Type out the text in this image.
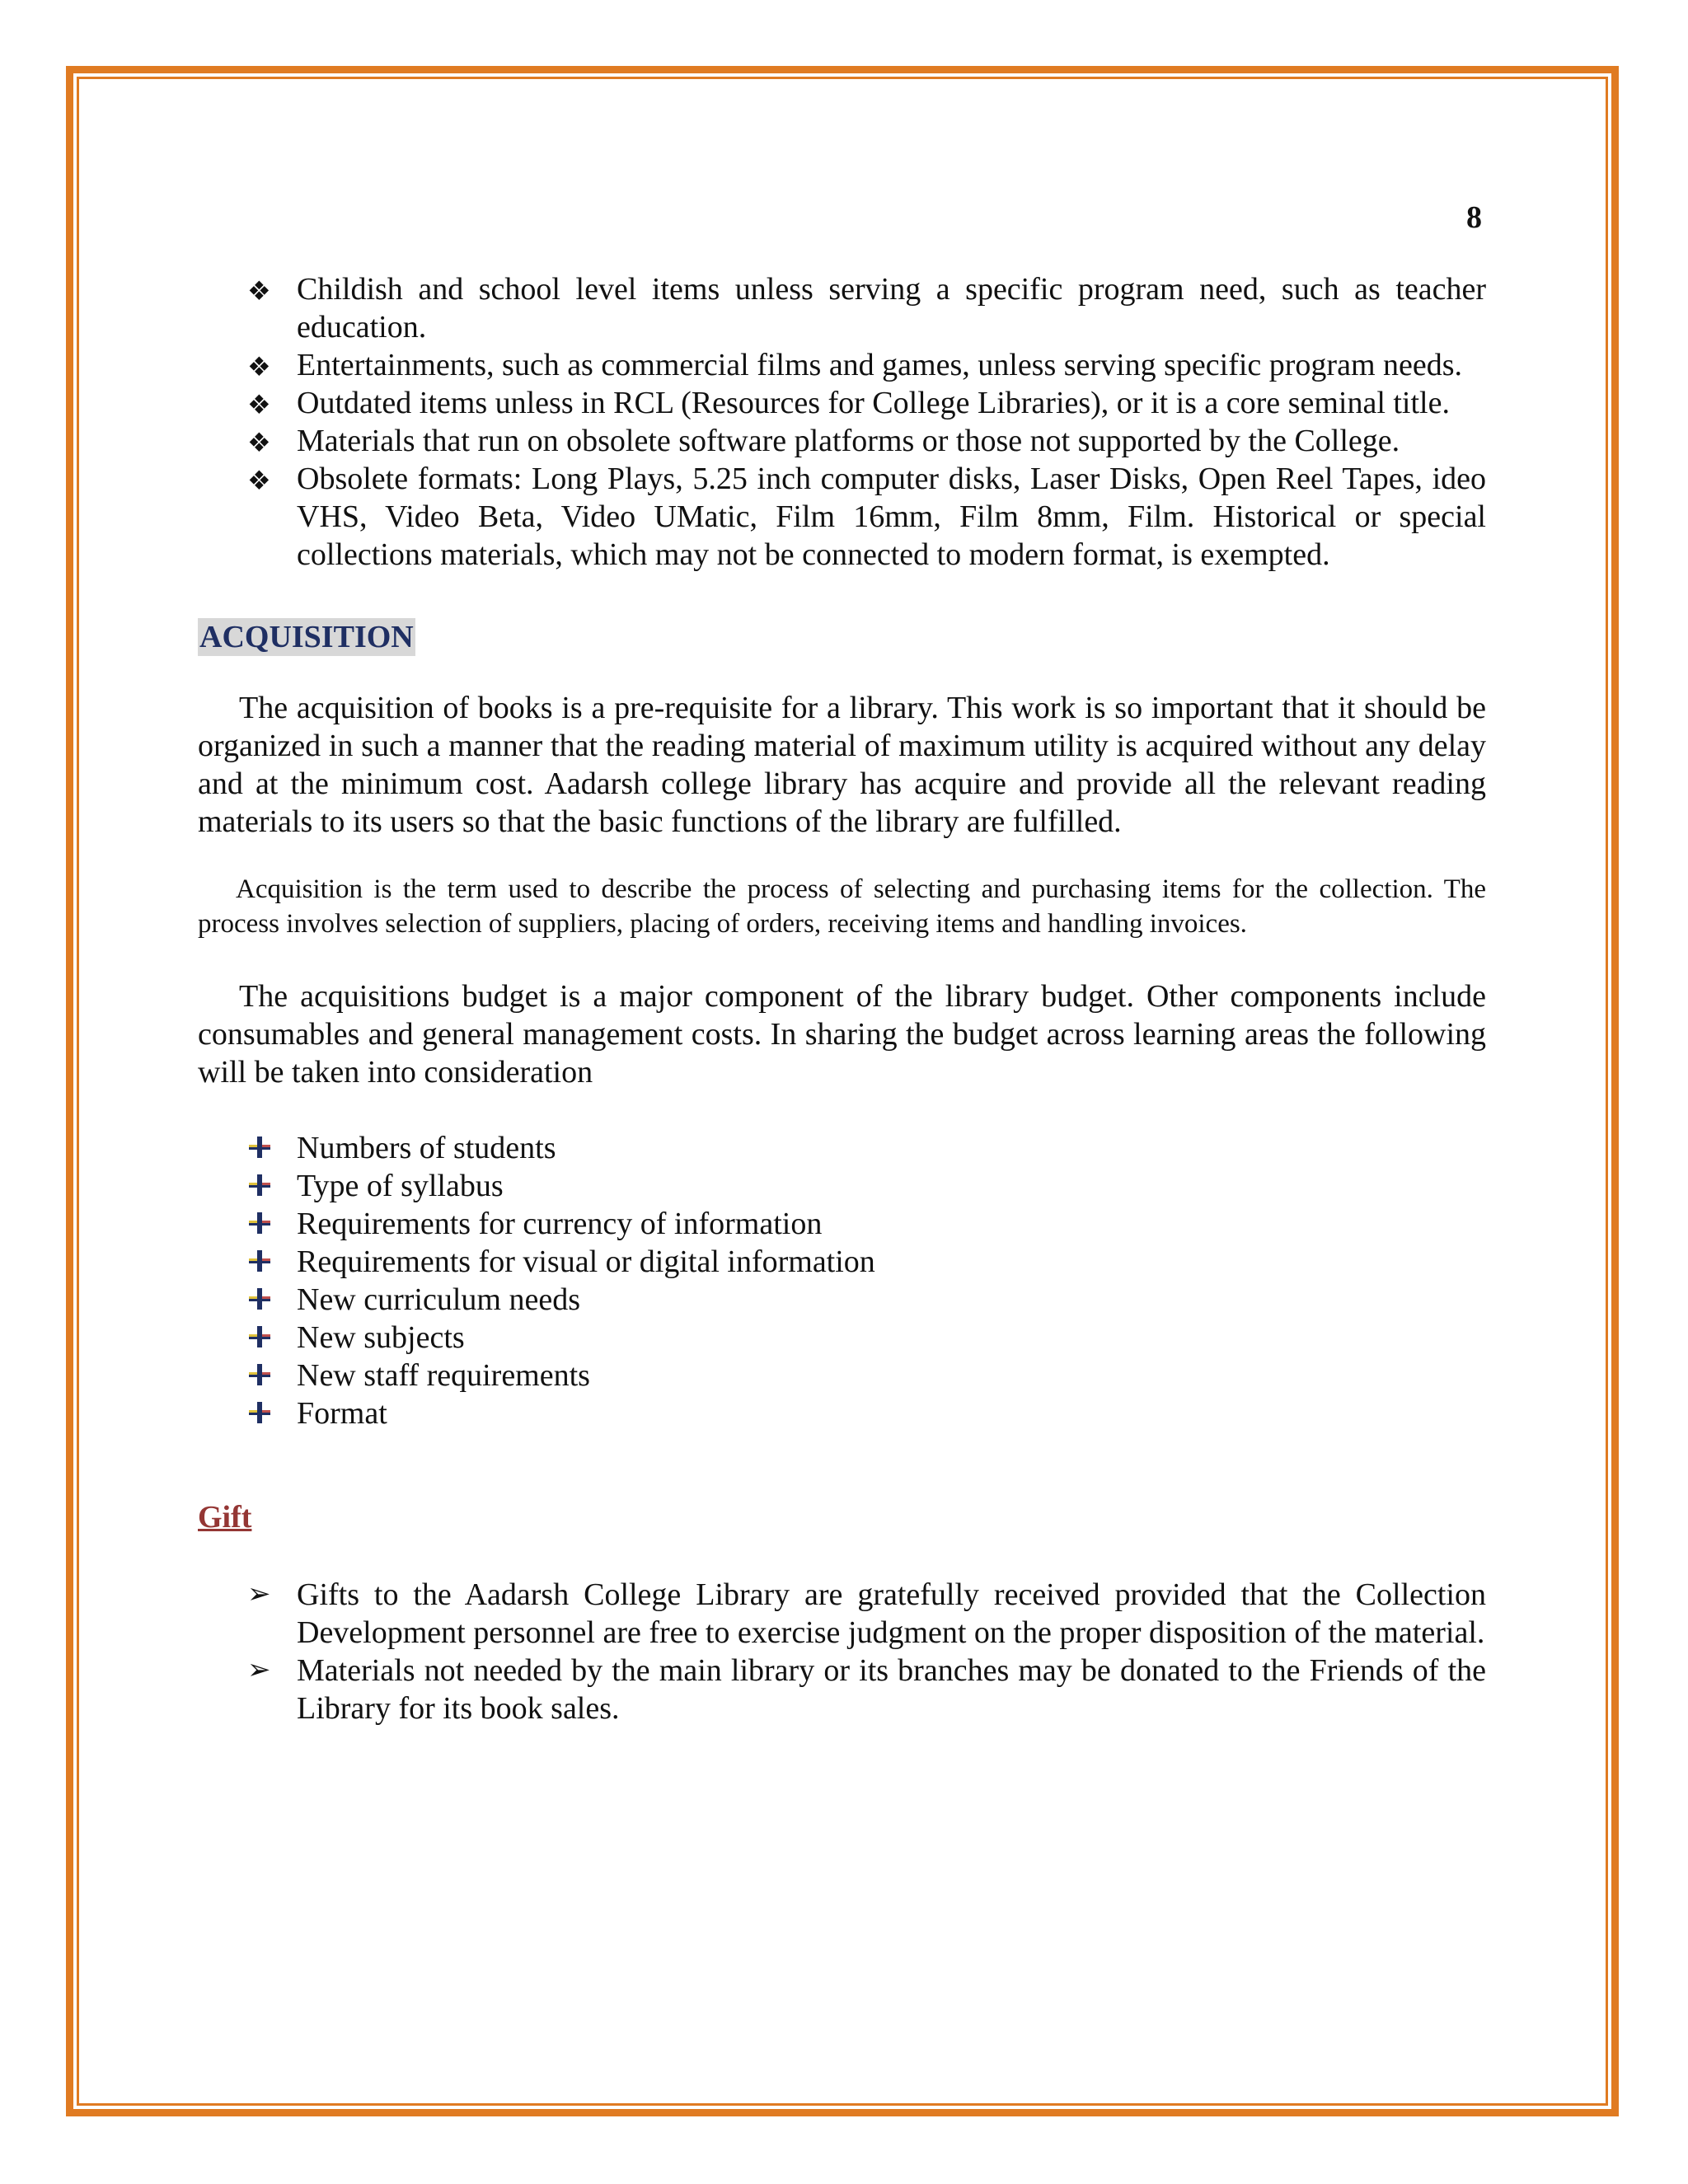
8
❖ Childish and school level items unless serving a specific program need, such as teacher education.
❖ Entertainments, such as commercial films and games, unless serving specific program needs.
❖ Outdated items unless in RCL (Resources for College Libraries), or it is a core seminal title.
❖ Materials that run on obsolete software platforms or those not supported by the College.
❖ Obsolete formats: Long Plays, 5.25 inch computer disks, Laser Disks, Open Reel Tapes, ideo VHS, Video Beta, Video UMatic, Film 16mm, Film 8mm, Film. Historical or special collections materials, which may not be connected to modern format, is exempted.
ACQUISITION

The acquisition of books is a pre-requisite for a library. This work is so important that it should be organized in such a manner that the reading material of maximum utility is acquired without any delay and at the minimum cost. Aadarsh college library has acquire and provide all the relevant reading materials to its users so that the basic functions of the library are fulfilled.

Acquisition is the term used to describe the process of selecting and purchasing items for the collection. The process involves selection of suppliers, placing of orders, receiving items and handling invoices.

The acquisitions budget is a major component of the library budget. Other components include consumables and general management costs. In sharing the budget across learning areas the following will be taken into consideration

Numbers of students
Type of syllabus
Requirements for currency of information
Requirements for visual or digital information
New curriculum needs
New subjects
New staff requirements
Format
Gift
➢ Gifts to the Aadarsh College Library are gratefully received provided that the Collection Development personnel are free to exercise judgment on the proper disposition of the material.
➢ Materials not needed by the main library or its branches may be donated to the Friends of the Library for its book sales.
